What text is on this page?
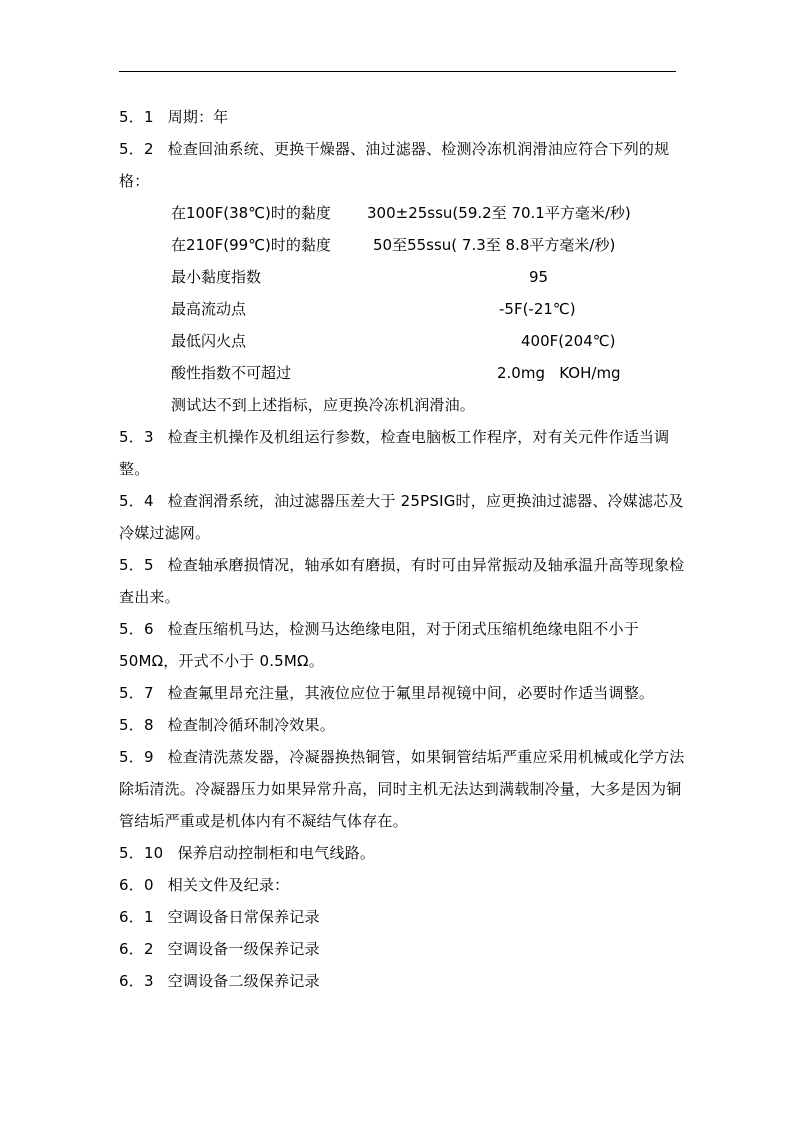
5．1 周期：年
5．2 检查回油系统、更换干燥器、油过滤器、检测冷冻机润滑油应符合下列的规格：
在100F(38℃)时的黏度 300±25ssu(59.2至 70.1平方毫米/秒)
在210F(99℃)时的黏度	50至55ssu( 7.3至 8.8平方毫米/秒)
最小黏度指数	95
最高流动点	-5F(-21℃)
最低闪火点	400F(204℃)
酸性指数不可超过	2.0mg   KOH/mg
测试达不到上述指标，应更换冷冻机润滑油。
5．3 检查主机操作及机组运行参数，检查电脑板工作程序，对有关元件作适当调整。
5．4 检查润滑系统，油过滤器压差大于 25PSIG时，应更换油过滤器、冷媒滤芯及冷媒过滤网。
5．5 检查轴承磨损情况，轴承如有磨损，有时可由异常振动及轴承温升高等现象检查出来。
5．6 检查压缩机马达，检测马达绝缘电阻，对于闭式压缩机绝缘电阻不小于 50MΩ，开式不小于 0.5MΩ。
5．7 检查氟里昂充注量，其液位应位于氟里昂视镜中间，必要时作适当调整。
5．8 检查制冷循环制冷效果。
5．9 检查清洗蒸发器，冷凝器换热铜管，如果铜管结垢严重应采用机械或化学方法除垢清洗。冷凝器压力如果异常升高，同时主机无法达到满载制冷量，大多是因为铜管结垢严重或是机体内有不凝结气体存在。
5．10 保养启动控制柜和电气线路。
6．0 相关文件及纪录：
6．1 空调设备日常保养记录
6．2 空调设备一级保养记录
6．3 空调设备二级保养记录
